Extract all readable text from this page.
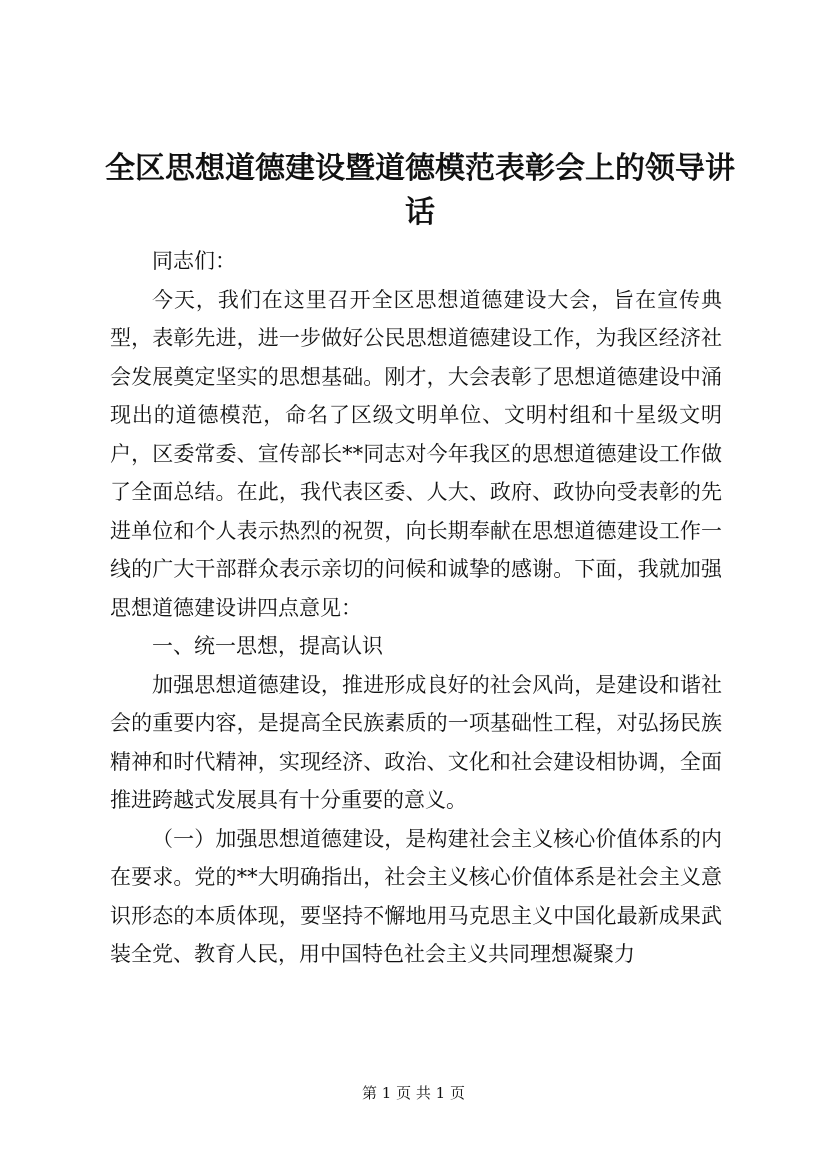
全区思想道德建设暨道德模范表彰会上的领导讲话

同志们：

今天，我们在这里召开全区思想道德建设大会，旨在宣传典型，表彰先进，进一步做好公民思想道德建设工作，为我区经济社会发展奠定坚实的思想基础。刚才，大会表彰了思想道德建设中涌现出的道德模范，命名了区级文明单位、文明村组和十星级文明户，区委常委、宣传部长**同志对今年我区的思想道德建设工作做了全面总结。在此，我代表区委、人大、政府、政协向受表彰的先进单位和个人表示热烈的祝贺，向长期奉献在思想道德建设工作一线的广大干部群众表示亲切的问候和诚挚的感谢。下面，我就加强思想道德建设讲四点意见：

一、统一思想，提高认识

加强思想道德建设，推进形成良好的社会风尚，是建设和谐社会的重要内容，是提高全民族素质的一项基础性工程，对弘扬民族精神和时代精神，实现经济、政治、文化和社会建设相协调，全面推进跨越式发展具有十分重要的意义。

（一）加强思想道德建设，是构建社会主义核心价值体系的内在要求。党的**大明确指出，社会主义核心价值体系是社会主义意识形态的本质体现，要坚持不懈地用马克思主义中国化最新成果武装全党、教育人民，用中国特色社会主义共同理想凝聚力

第 1 页 共 1 页
